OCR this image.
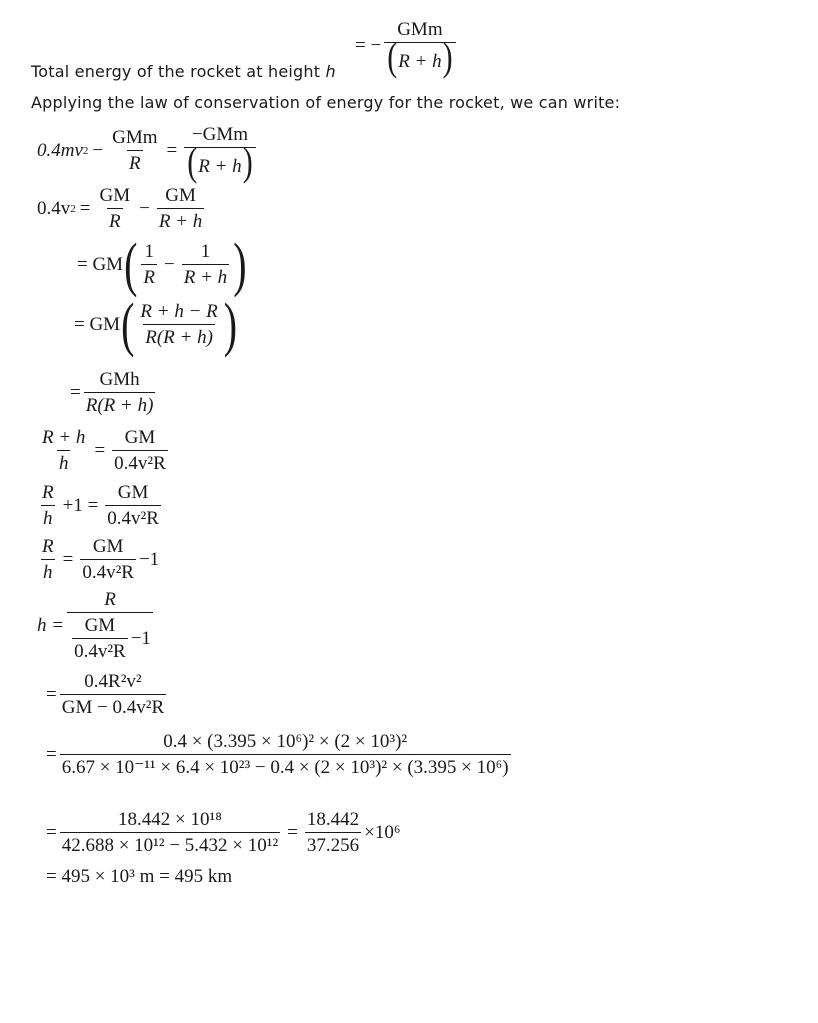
= − $\frac{\text{GMm}}{(R + h)}$
Total energy of the rocket at height h
Applying the law of conservation of energy for the rocket, we can write:
0.4mv $2 - \frac{\text{GMm}}{R} = \frac{\text{−GMm}}{(R + h)}$
0.4v $2 = \frac{GM}{R} - \frac{GM}{R + h}$
= GM ( $\frac{1}{R} - \frac{1}{R + h}$ )
= GM ( $\frac{R + h - R}{R(R + h)}$ )
= $\frac{\text{GMh}}{R(R + h)}$
$\frac{R + h}{h} = \frac{GM}{\text{0.4v²R}}$
$\frac{R}{h} +1 = \frac{GM}{\text{0.4v²R}}$
$\frac{R}{h} = \frac{GM}{\text{0.4v²R}} -1$
$h = \frac{R}{\frac{GM}{\text{0.4v²R}} -1}$
= $\frac{\text{0.4R²v²}}{\text{GM − 0.4v²R}}$
= $\frac{\text{0.4 × (3.395 × 10⁶)² × (2 × 10³)²}}{\text{6.67 × 10⁻¹¹ × 6.4 × 10²³ − 0.4 × (2 × 10³)² × (3.395 × 10⁶)}}$
= $\frac{\text{18.442 × 10¹⁸}}{\text{42.688 × 10¹² − 5.432 × 10¹²}} = \frac{18.442}{37.256} \times 10^6$
= 495 × 10³ m = 495 km
